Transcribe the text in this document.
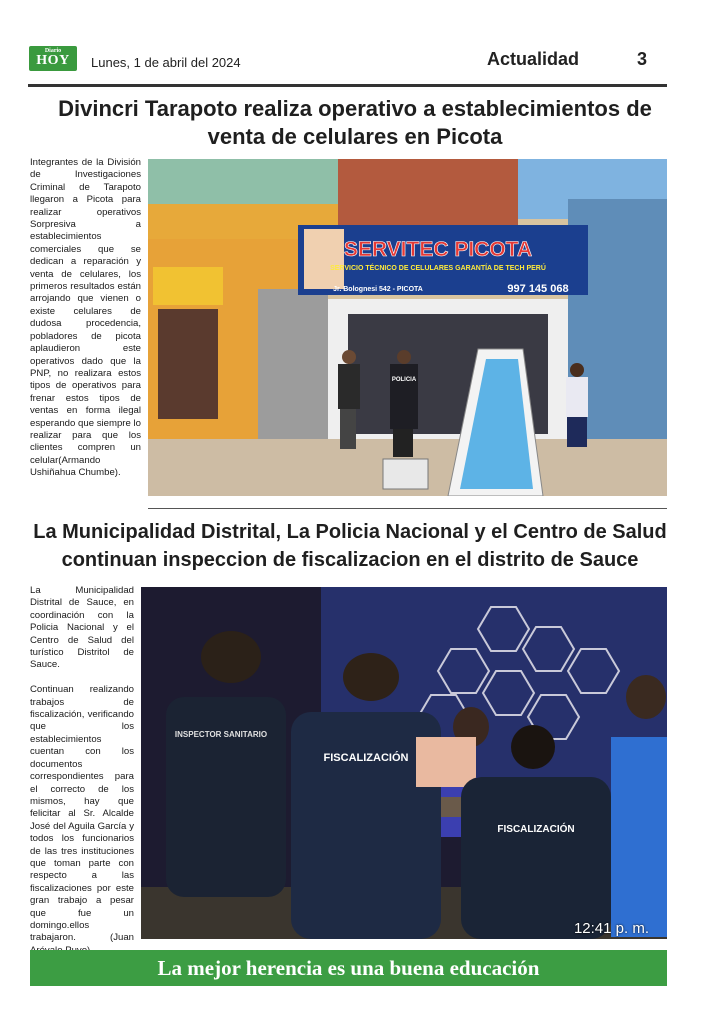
Diario
HOY	Lunes, 1 de abril del 2024	Actualidad	3
Divincri Tarapoto realiza operativo a establecimientos de venta de celulares en Picota
Integrantes de la División de Investigaciones Criminal de Tarapoto llegaron a Picota para realizar operativos Sorpresiva a establecimientos comerciales que se dedican a reparación y venta de celulares, los primeros resultados están arrojando que vienen o existe celulares de dudosa procedencia, pobladores de picota aplaudieron este operativos dado que la PNP, no realizara estos tipos de operativos para frenar estos tipos de ventas en forma ilegal esperando que siempre lo realizar para que los clientes compren un celular(Armando Ushiñahua Chumbe).
SERVITEC PICOTA
SERVICIO TÉCNICO DE CELULARES GARANTÍA DE TECH PERÚ
Jr. Bolognesi 542 - PICOTA	997 145 068
POLICIA
La Municipalidad Distrital, La Policia Nacional y el Centro de Salud continuan inspeccion de fiscalizacion en el distrito de Sauce
La Municipalidad Distrital de Sauce, en coordinación con la Policia Nacional y el Centro de Salud del turístico Distritol de Sauce.

Continuan realizando trabajos de fiscalización, verificando que los establecimientos cuentan con los documentos correspondientes para el correcto de los mismos, hay que felicitar al Sr. Alcalde José del Aguila García y todos los funcionarios de las tres instituciones que toman parte con respecto a las fiscalizaciones por este gran trabajo a pesar que fue un domingo.ellos trabajaron. (Juan
INSPECTOR SANITARIO
FISCALIZACIÓN
FISCALIZACIÓN
12:41 p. m.
La mejor herencia es una buena educación
